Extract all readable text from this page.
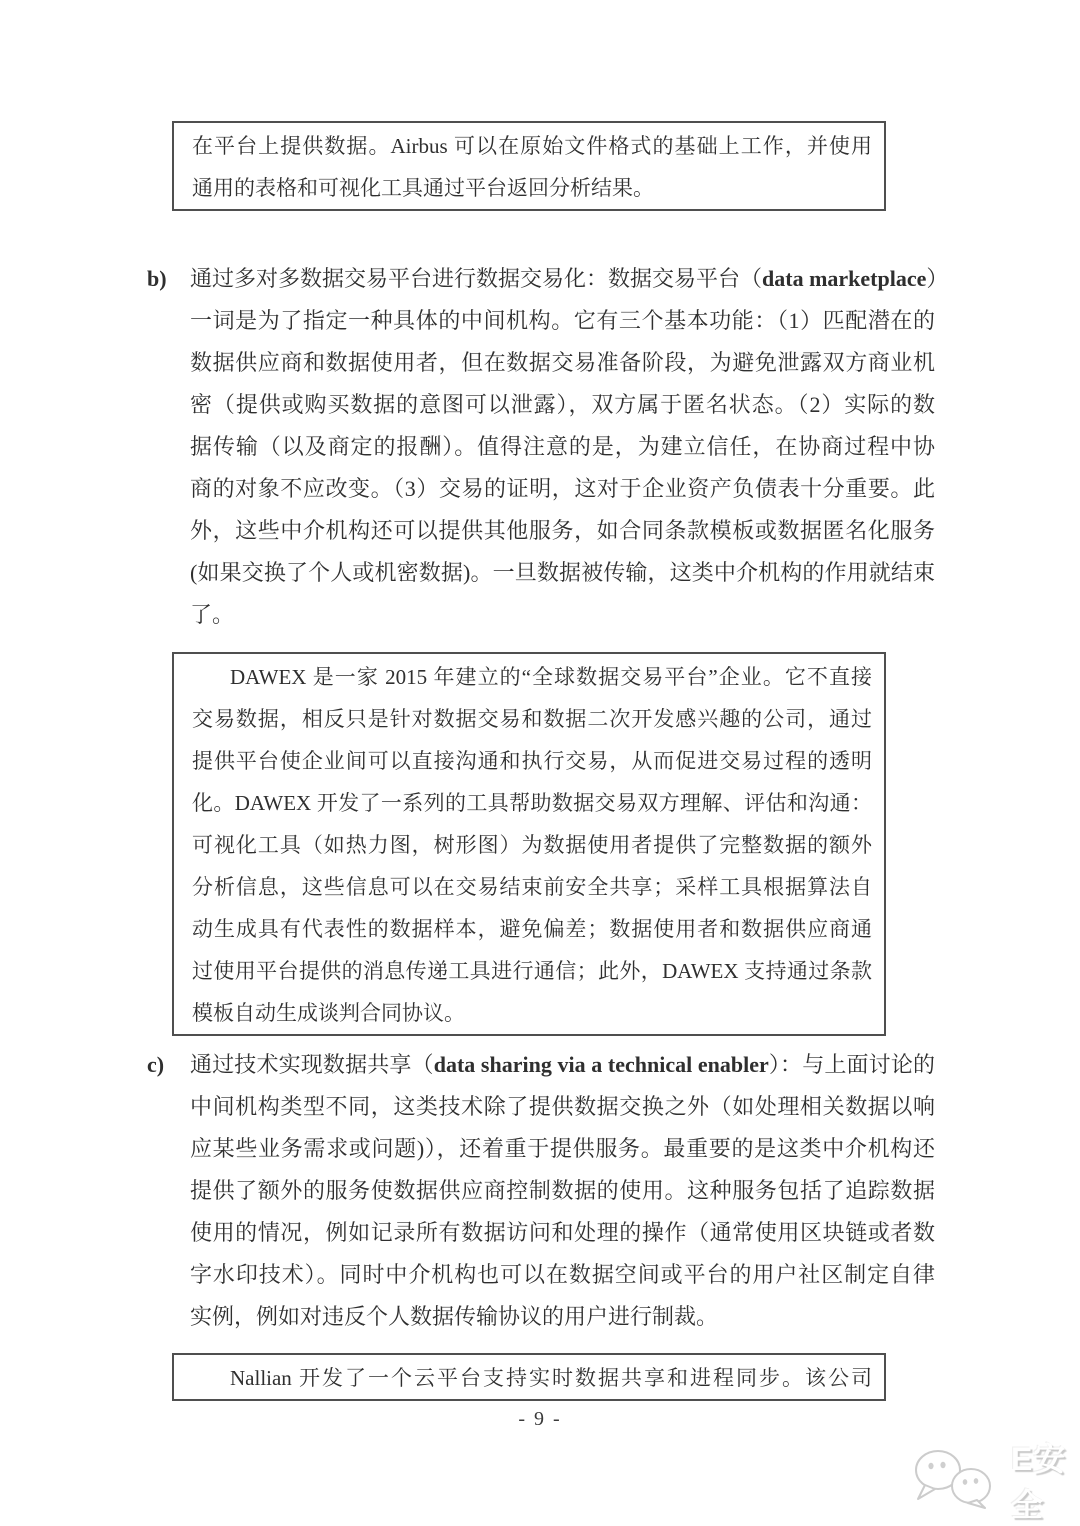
在平台上提供数据。Airbus 可以在原始文件格式的基础上工作，并使用
通用的表格和可视化工具通过平台返回分析结果。
b) 通过多对多数据交易平台进行数据交易化：数据交易平台（data marketplace）
一词是为了指定一种具体的中间机构。它有三个基本功能：（1）匹配潜在的
数据供应商和数据使用者，但在数据交易准备阶段，为避免泄露双方商业机
密（提供或购买数据的意图可以泄露），双方属于匿名状态。（2）实际的数
据传输（以及商定的报酬）。值得注意的是，为建立信任，在协商过程中协
商的对象不应改变。（3）交易的证明，这对于企业资产负债表十分重要。此
外，这些中介机构还可以提供其他服务，如合同条款模板或数据匿名化服务
(如果交换了个人或机密数据)。一旦数据被传输，这类中介机构的作用就结束
了。
DAWEX 是一家 2015 年建立的“全球数据交易平台”企业。它不直接
交易数据，相反只是针对数据交易和数据二次开发感兴趣的公司，通过
提供平台使企业间可以直接沟通和执行交易，从而促进交易过程的透明
化。DAWEX 开发了一系列的工具帮助数据交易双方理解、评估和沟通：
可视化工具（如热力图，树形图）为数据使用者提供了完整数据的额外
分析信息，这些信息可以在交易结束前安全共享；采样工具根据算法自
动生成具有代表性的数据样本，避免偏差；数据使用者和数据供应商通
过使用平台提供的消息传递工具进行通信；此外，DAWEX 支持通过条款
模板自动生成谈判合同协议。
c) 通过技术实现数据共享（data sharing via a technical enabler）：与上面讨论的
中间机构类型不同，这类技术除了提供数据交换之外（如处理相关数据以响
应某些业务需求或问题)），还着重于提供服务。最重要的是这类中介机构还
提供了额外的服务使数据供应商控制数据的使用。这种服务包括了追踪数据
使用的情况，例如记录所有数据访问和处理的操作（通常使用区块链或者数
字水印技术）。同时中介机构也可以在数据空间或平台的用户社区制定自律
实例，例如对违反个人数据传输协议的用户进行制裁。
Nallian 开发了一个云平台支持实时数据共享和进程同步。该公司
- 9 -
E安全
